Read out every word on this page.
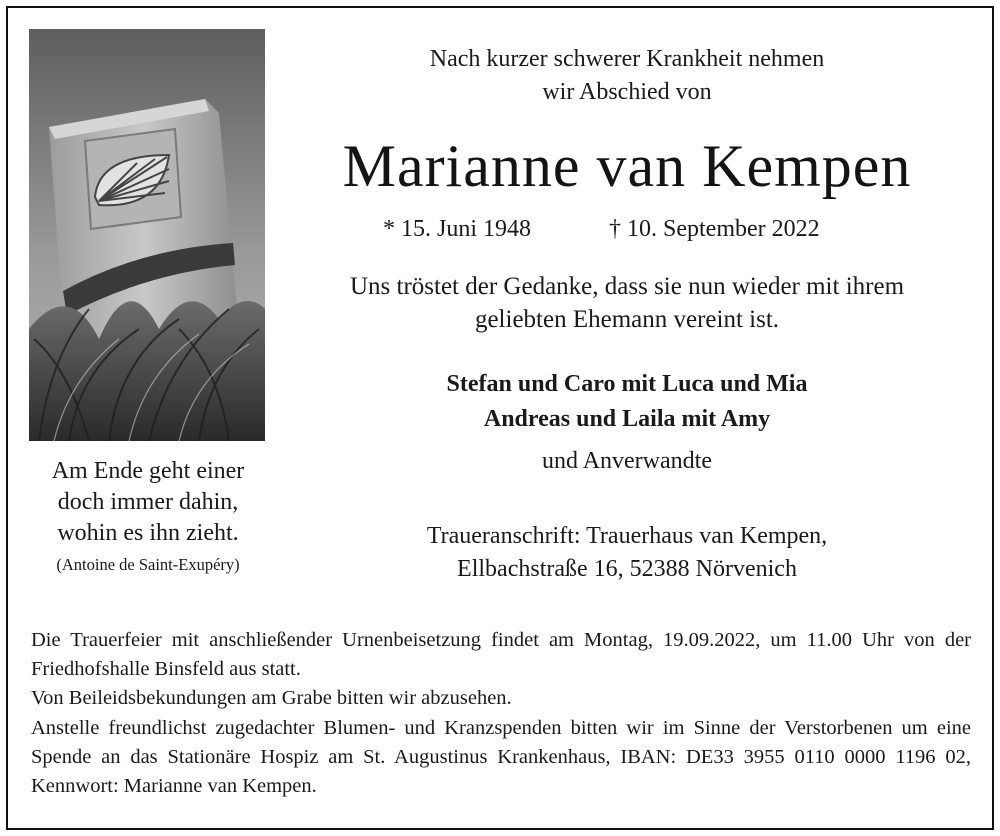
Am Ende geht einer
doch immer dahin,
wohin es ihn zieht.
(Antoine de Saint-Exupéry)
Nach kurzer schwerer Krankheit nehmen
wir Abschied von
Marianne van Kempen
* 15. Juni 1948	† 10. September 2022
Uns tröstet der Gedanke, dass sie nun wieder mit ihrem
geliebten Ehemann vereint ist.
Stefan und Caro mit Luca und Mia
Andreas und Laila mit Amy
und Anverwandte
Traueranschrift: Trauerhaus van Kempen,
Ellbachstraße 16, 52388 Nörvenich

Die Trauerfeier mit anschließender Urnenbeisetzung findet am Montag, 19.09.2022, um 11.00 Uhr von der Friedhofshalle Binsfeld aus statt.

Von Beileidsbekundungen am Grabe bitten wir abzusehen.

Anstelle freundlichst zugedachter Blumen- und Kranzspenden bitten wir im Sinne der Verstorbenen um eine Spende an das Stationäre Hospiz am St. Augustinus Krankenhaus, IBAN: DE33 3955 0110 0000 1196 02, Kennwort: Marianne van Kempen.
